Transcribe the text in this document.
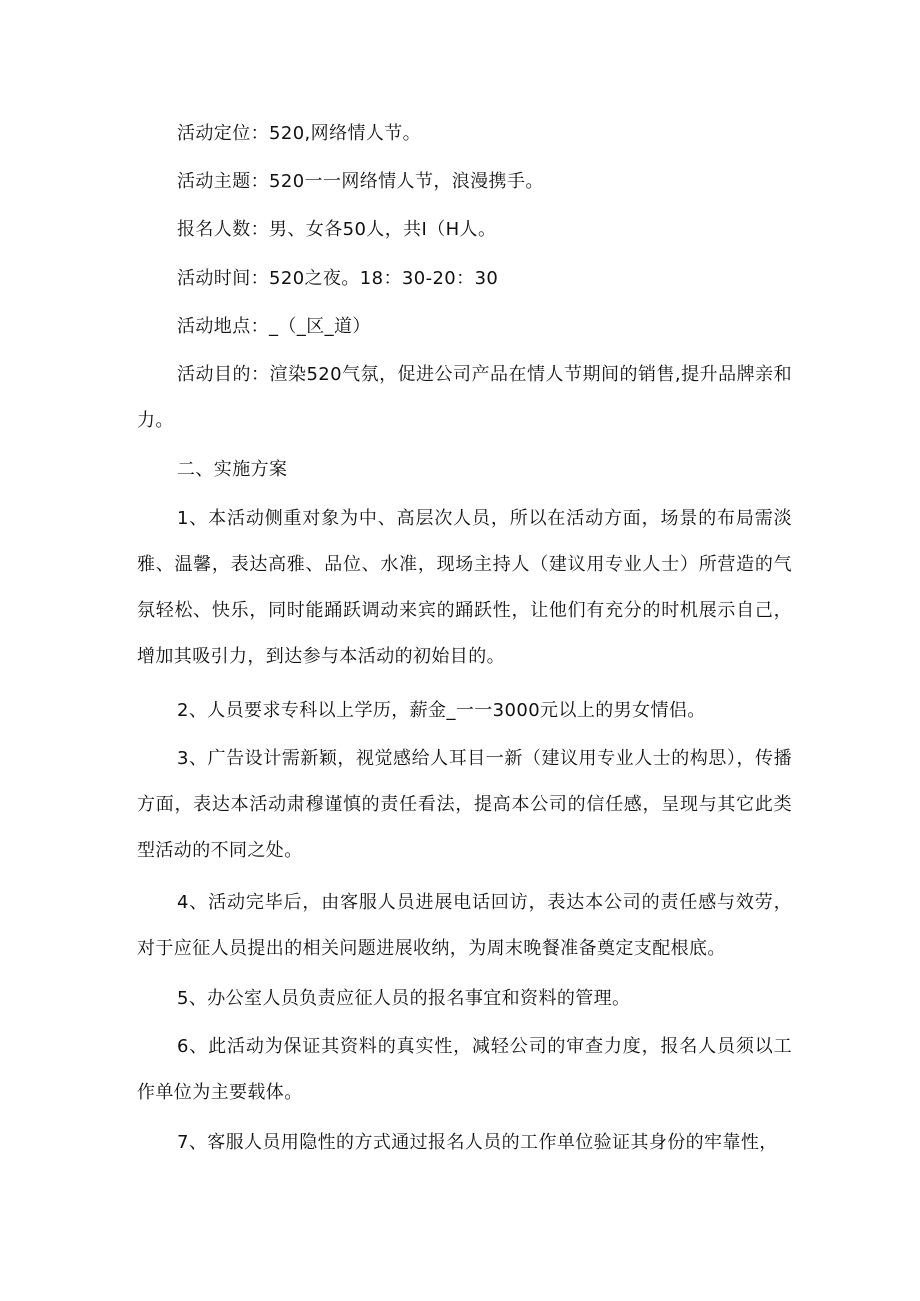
活动定位：520,网络情人节。

活动主题：520一一网络情人节，浪漫携手。

报名人数：男、女各50人，共I（H人。

活动时间：520之夜。18：30-20：30

活动地点：_（_区_道）

活动目的：渲染520气氛，促进公司产品在情人节期间的销售,提升品牌亲和力。

二、实施方案

1、本活动侧重对象为中、高层次人员，所以在活动方面，场景的布局需淡雅、温馨，表达高雅、品位、水准，现场主持人（建议用专业人士）所营造的气氛轻松、快乐，同时能踊跃调动来宾的踊跃性，让他们有充分的时机展示自己，增加其吸引力，到达参与本活动的初始目的。

2、人员要求专科以上学历，薪金_一一3000元以上的男女情侣。

3、广告设计需新颖，视觉感给人耳目一新（建议用专业人士的构思），传播方面，表达本活动肃穆谨慎的责任看法，提高本公司的信任感，呈现与其它此类型活动的不同之处。

4、活动完毕后，由客服人员进展电话回访，表达本公司的责任感与效劳，对于应征人员提出的相关问题进展收纳，为周末晚餐准备奠定支配根底。

5、办公室人员负责应征人员的报名事宜和资料的管理。

6、此活动为保证其资料的真实性，减轻公司的审查力度，报名人员须以工作单位为主要载体。

7、客服人员用隐性的方式通过报名人员的工作单位验证其身份的牢靠性，
